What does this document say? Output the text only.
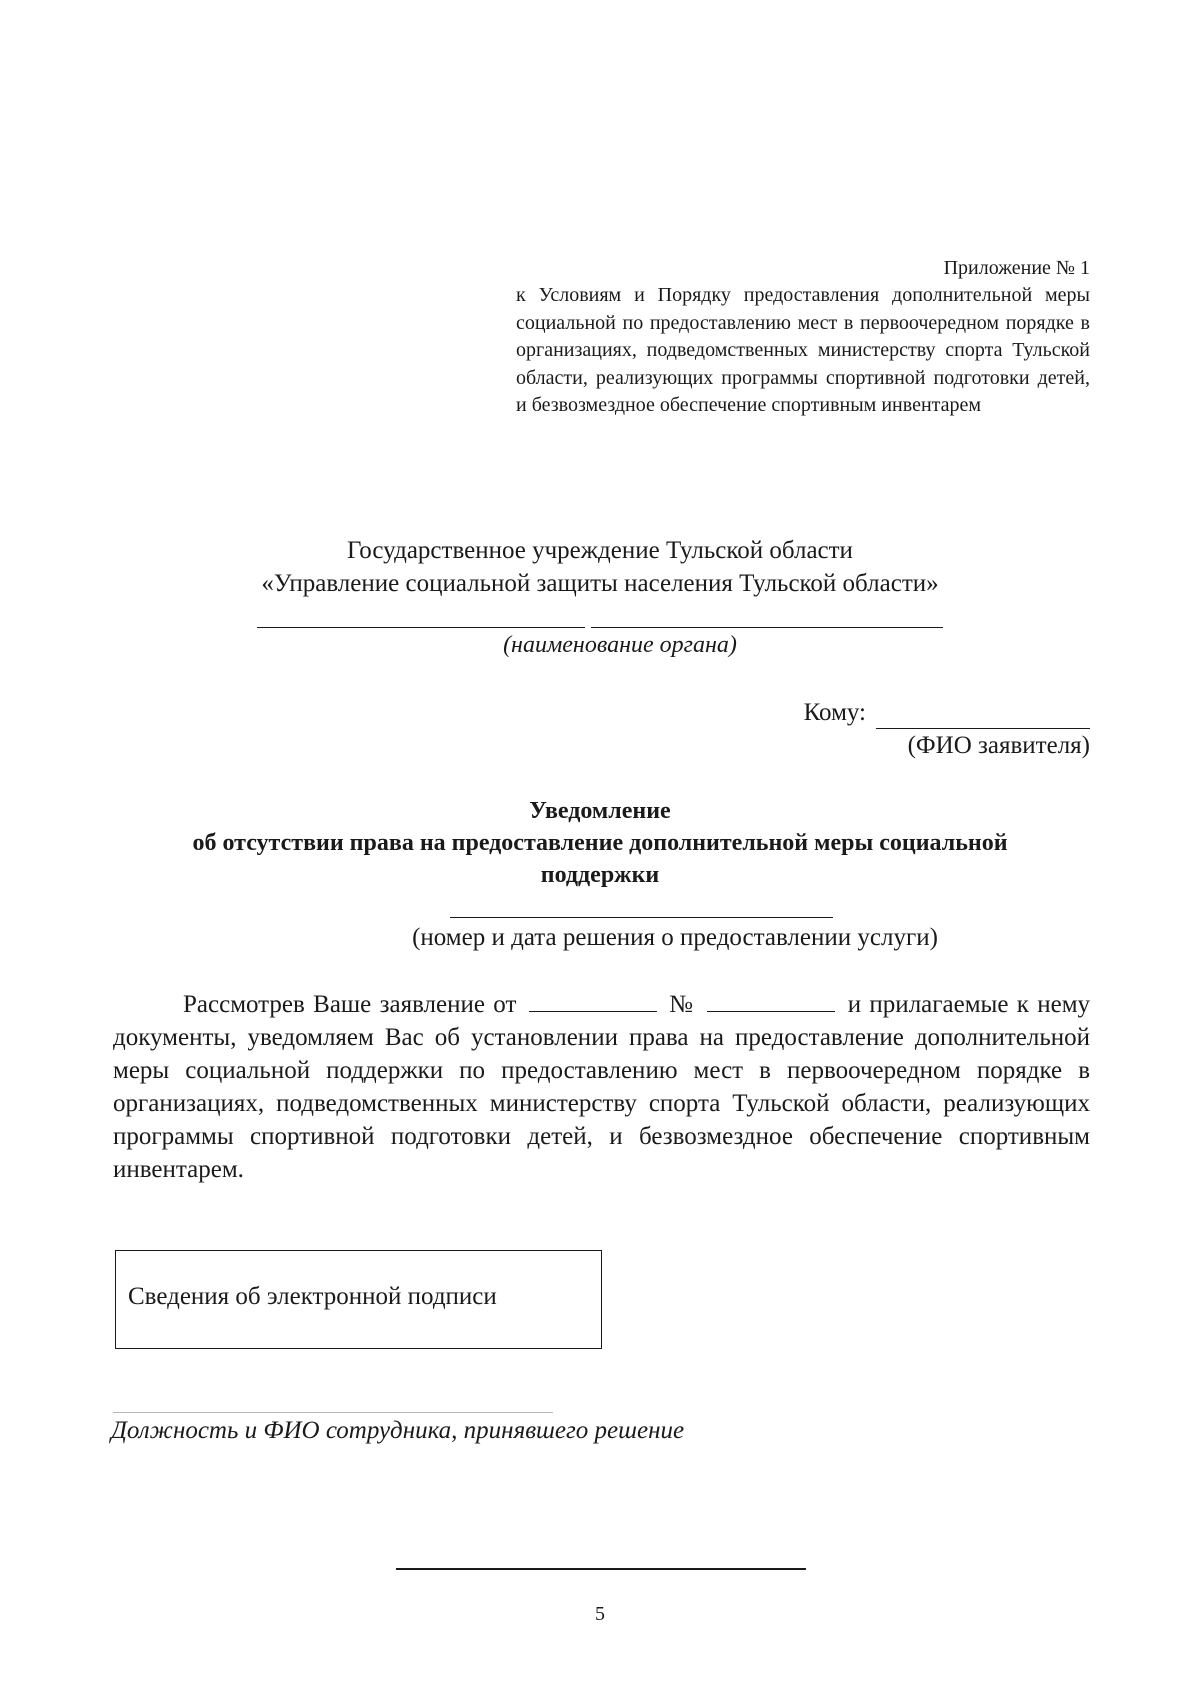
Приложение № 1
к Условиям и Порядку предоставления дополнительной меры социальной по предоставлению мест в первоочередном порядке в организациях, подведомственных министерству спорта Тульской области, реализующих программы спортивной подготовки детей, и безвозмездное обеспечение спортивным инвентарем
Государственное учреждение Тульской области
«Управление социальной защиты населения Тульской области»
(наименование органа)
Кому:
(ФИО заявителя)
Уведомление
об отсутствии права на предоставление дополнительной меры социальной
поддержки
(номер и дата решения о предоставлении услуги)
Рассмотрев Ваше заявление от	№	и прилагаемые к нему документы, уведомляем Вас об установлении права на предоставление дополнительной меры социальной поддержки по предоставлению мест в первоочередном порядке в организациях, подведомственных министерству спорта Тульской области, реализующих программы спортивной подготовки детей, и безвозмездное обеспечение спортивным инвентарем.
Сведения об электронной подписи
Должность и ФИО сотрудника, принявшего решение
5
